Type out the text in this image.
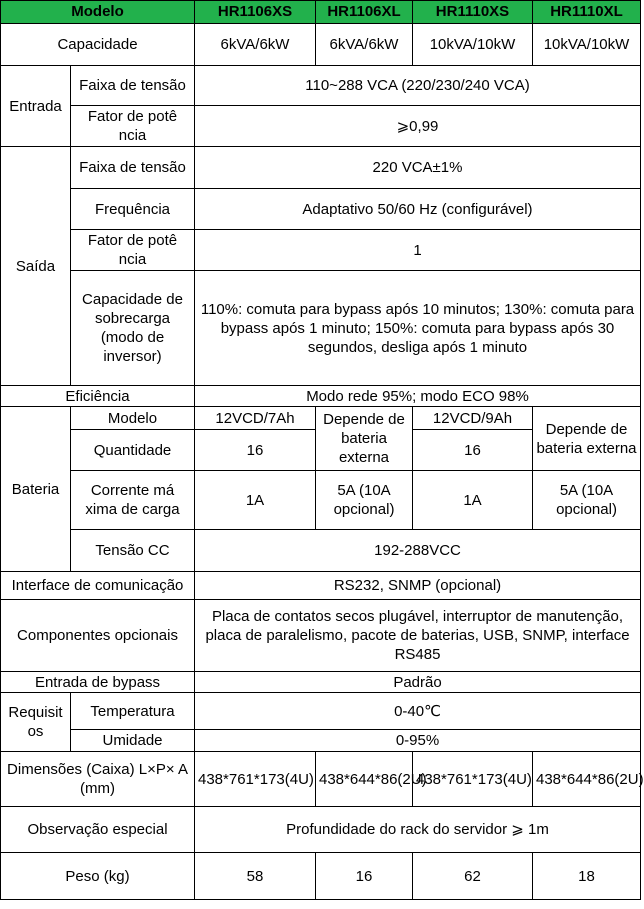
Modelo		HR1106XS	HR1106XL	HR1110XS	HR1110XL
Capacidade		6kVA/6kW	6kVA/6kW	10kVA/10kW	10kVA/10kW
Entrada	Faixa de tensão	110~288 VCA (220/230/240 VCA)			
	Fator de potê ncia	⩾0,99			
Saída	Faixa de tensão	220 VCA±1%			
	Frequência	Adaptativo 50/60 Hz (configurável)			
	Fator de potê ncia	1			
	Capacidade de sobrecarga (modo de inversor)	110%: comuta para bypass após 10 minutos; 130%: comuta para bypass após 1 minuto; 150%: comuta para bypass após 30 segundos, desliga após 1 minuto			
Eficiência		Modo rede 95%; modo ECO 98%			
Bateria	Modelo	12VCD/7Ah	Depende de bateria externa	12VCD/9Ah	Depende de bateria externa
	Quantidade	16		16	
	Corrente má xima de carga	1A	5A (10A opcional)	1A	5A (10A opcional)
	Tensão CC	192-288VCC			
Interface de comunicação		RS232, SNMP (opcional)			
Componentes opcionais		Placa de contatos secos plugável, interruptor de manutenção, placa de paralelismo, pacote de baterias, USB, SNMP, interface RS485			
Entrada de bypass		Padrão			
Requisit os	Temperatura	0-40℃			
	Umidade	0-95%			
Dimensões (Caixa) L×P× A (mm)		438*761*173(4U)	438*644*86(2U)	438*761*173(4U)	438*644*86(2U)
Observação especial		Profundidade do rack do servidor ⩾ 1m			
Peso (kg)		58	16	62	18
